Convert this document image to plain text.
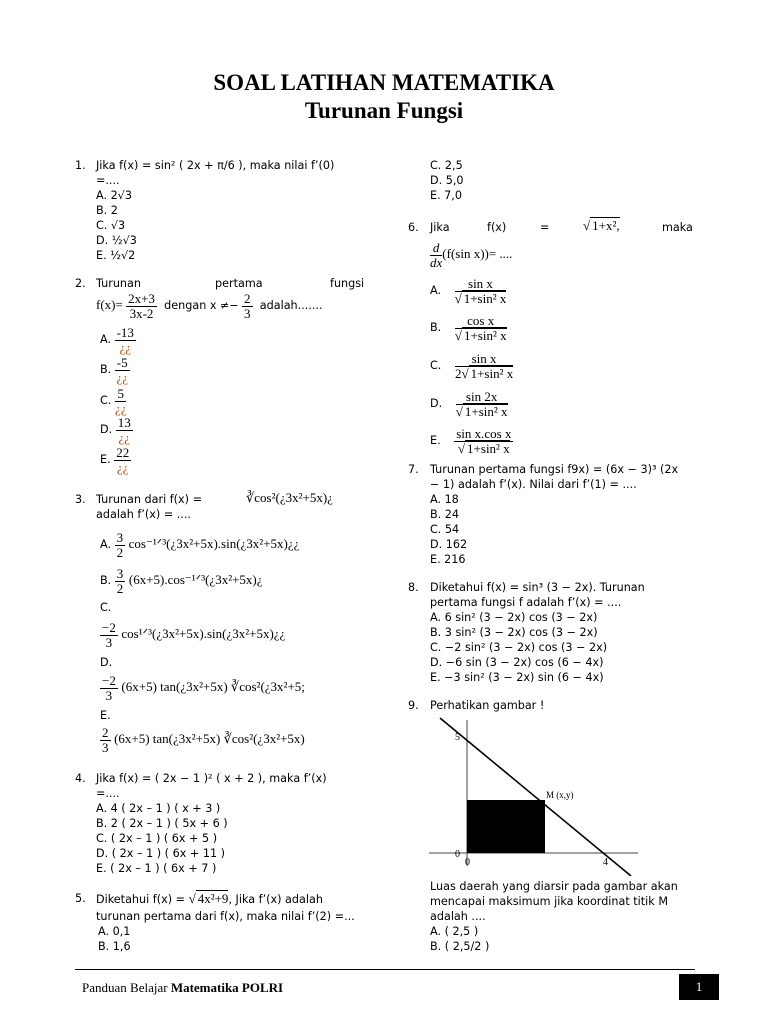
SOAL LATIHAN MATEMATIKA
Turunan Fungsi
1. Jika f(x) = sin² ( 2x + π/6 ), maka nilai f’(0)
=....
A. 2√3
B. 2
C. √3
D. ½√3
E. ½√2
2. Turunan	pertama	fungsi
$f(x)= \frac{2x+3}{3x-2}$ dengan $x \ne- \frac{2}{3}$ adalah.......
A. $\frac{-13}{¿¿}$
B. $\frac{-5}{¿¿}$
C. $\frac{5}{¿¿}$
D. $\frac{13}{¿¿}$
E. $\frac{22}{¿¿}$
3. Turunan dari f(x) =	∛cos²(¿3x²+5x)¿
adalah f’(x) = ....
A. $\frac{3}{2}$ cos⁻¹ᐟ³(¿3x²+5x).sin(¿3x²+5x)¿¿
B. $\frac{3}{2}$ (6x+5).cos⁻¹ᐟ³(¿3x²+5x)¿
C.
$\frac{-2}{3}$ cos¹ᐟ³(¿3x²+5x).sin(¿3x²+5x)¿¿
D.
$\frac{-2}{3} (6x+5)$ tan(¿3x²+5x) ∛cos²(¿3x²+5;
E.
$\frac{2}{3} (6x+5)$ tan(¿3x²+5x) ∛cos²(¿3x²+5x)
4. Jika f(x) = ( 2x − 1 )² ( x + 2 ), maka f’(x)
=....
A. 4 ( 2x – 1 ) ( x + 3 )
B. 2 ( 2x – 1 ) ( 5x + 6 )
C. ( 2x – 1 ) ( 6x + 5 )
D. ( 2x – 1 ) ( 6x + 11 )
E. ( 2x – 1 ) ( 6x + 7 )
5. Diketahui f(x) = √ 4x²+9, Jika f’(x) adalah
turunan pertama dari f(x), maka nilai f’(2) =...
A. 0,1
B. 1,6
C. 2,5
D. 5,0
E. 7,0
6. Jika	f(x)	=	√ 1+x²,	maka
$\frac{d}{dx} (f(\sin$ x))= ....
A. $\frac{\text{sin x}}{\text{√ 1+sin² x}}$
B. $\frac{\text{cos x}}{\text{√ 1+sin² x}}$
C. $\frac{\text{sin x}}{\text{2√ 1+sin² x}}$
D. $\frac{\sin 2x}{\text{√ 1+sin² x}}$
E. $\frac{\text{sin x.cos x}}{\text{√ 1+sin² x}}$
7. Turunan pertama fungsi f9x) = (6x − 3)³ (2x
− 1) adalah f’(x). Nilai dari f’(1) = ....
A. 18
B. 24
C. 54
D. 162
E. 216
8. Diketahui f(x) = sin³ (3 − 2x). Turunan
pertama fungsi f adalah f’(x) = ....
A. 6 sin² (3 − 2x) cos (3 − 2x)
B. 3 sin² (3 − 2x) cos (3 − 2x)
C. −2 sin² (3 − 2x) cos (3 − 2x)
D. −6 sin (3 − 2x) cos (6 − 4x)
E. −3 sin² (3 − 2x) sin (6 − 4x)
9. Perhatikan gambar !
5
0
0	4
M (x,y)
Luas daerah yang diarsir pada gambar akan
mencapai maksimum jika koordinat titik M
adalah ....
A. ( 2,5 )
B. ( 2,5/2 )
Panduan Belajar Matematika POLRI	1
